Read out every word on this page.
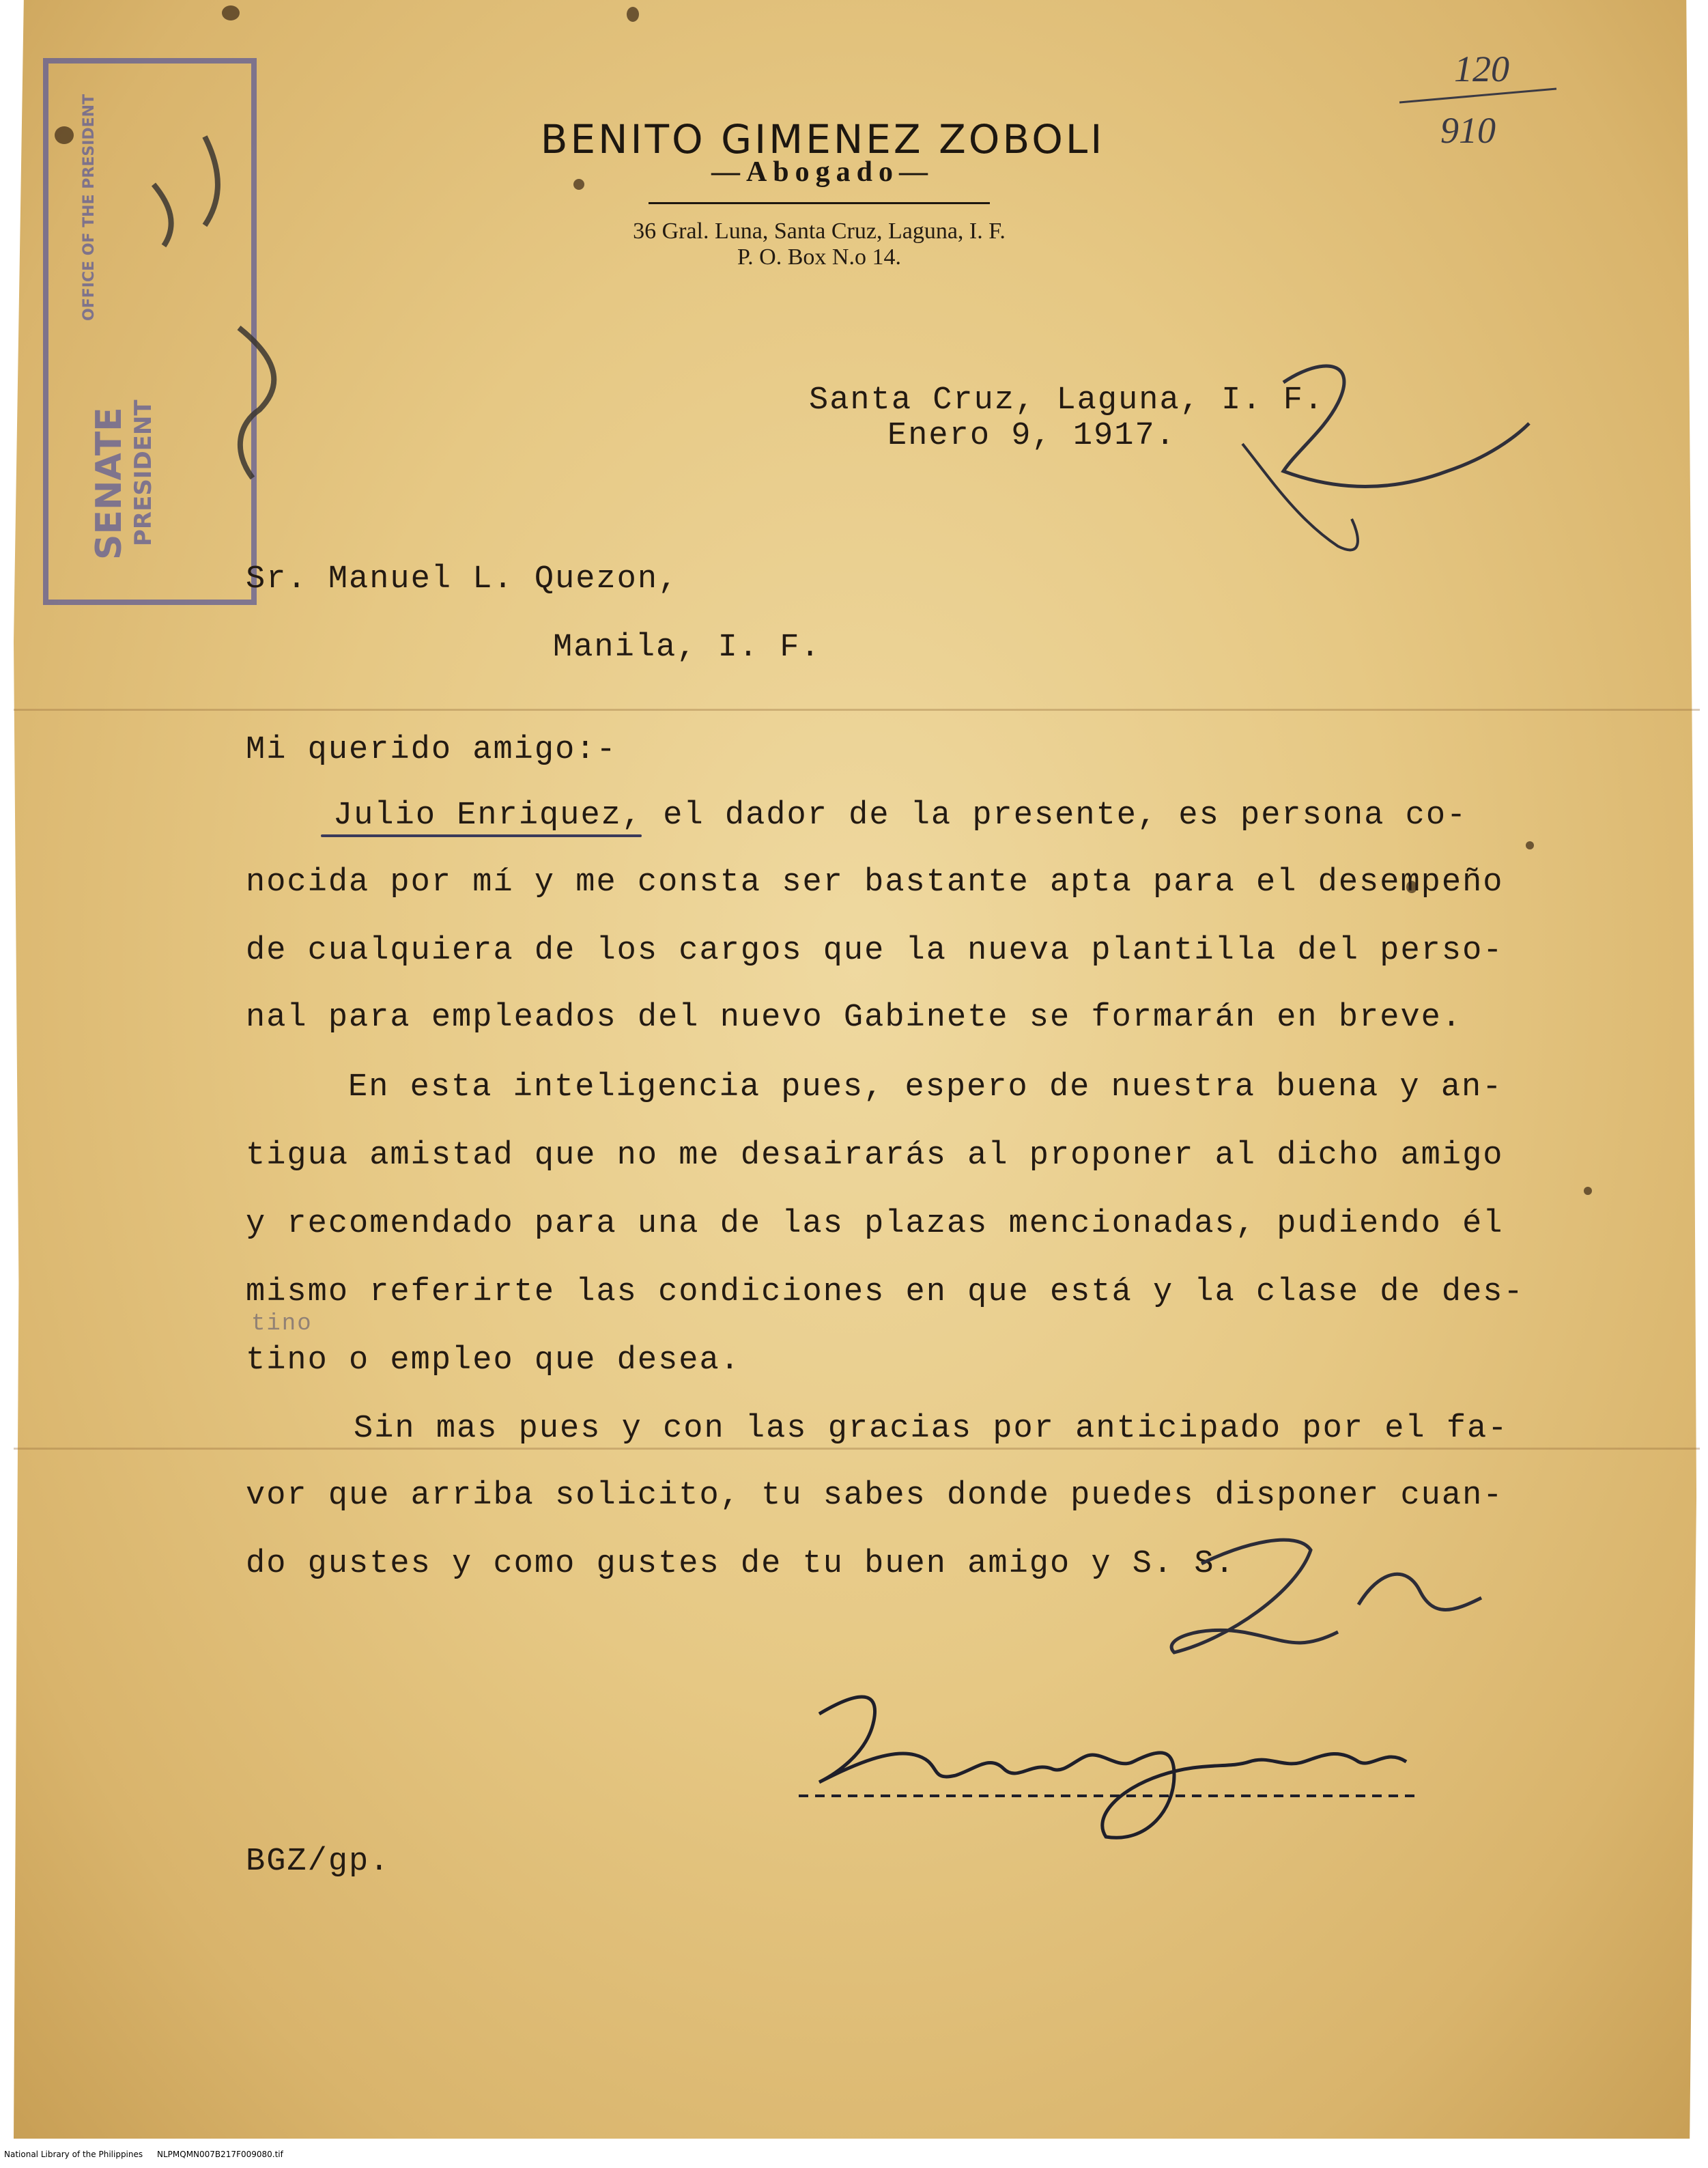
SENATE PRESIDENT
OFFICE OF THE PRESIDENT	BENITO GIMENEZ ZOBOLI
—Abogado—
36 Gral. Luna, Santa Cruz, Laguna, I. F.
P. O. Box N.o 14.
120
910
Santa Cruz, Laguna, I. F.
Enero 9, 1917.
Sr. Manuel L. Quezon,
Manila, I. F.
Mi querido amigo:-
Julio Enriquez, el dador de la presente, es persona co-
nocida por mí y me consta ser bastante apta para el desempeño
de cualquiera de los cargos que la nueva plantilla del perso-
nal para empleados del nuevo Gabinete se formarán en breve.
En esta inteligencia pues, espero de nuestra buena y an-
tigua amistad que no me desairarás al proponer al dicho amigo
y recomendado para una de las plazas mencionadas, pudiendo él
mismo referirte las condiciones en que está y la clase de des-
tino o empleo que desea.
Sin mas pues y con las gracias por anticipado por el fa-
vor que arriba solicito, tu sabes donde puedes disponer cuan-
do gustes y como gustes de tu buen amigo y S. S.
tino
BGZ/gp.
National Library of the Philippines NLPMQMN007B217F009080.tif
